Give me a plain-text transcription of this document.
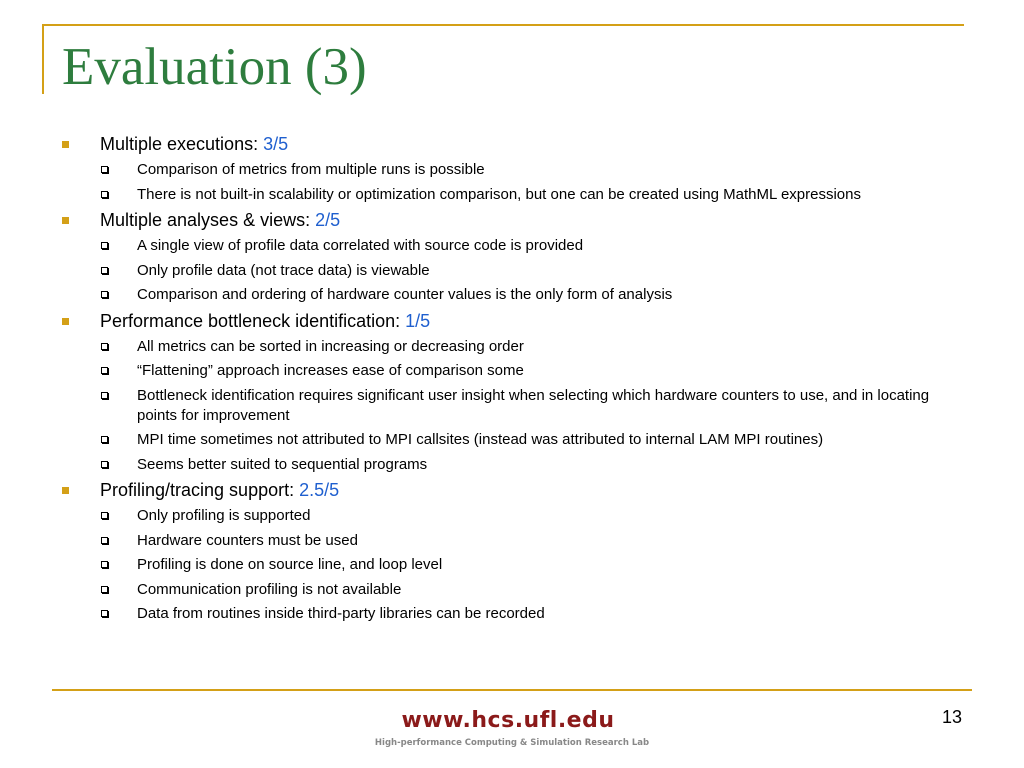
Evaluation (3)
Multiple executions: 3/5
Comparison of metrics from multiple runs is possible
There is not built-in scalability or optimization comparison, but one can be created using MathML expressions
Multiple analyses & views: 2/5
A single view of profile data correlated with source code is provided
Only profile data (not trace data) is viewable
Comparison and ordering of hardware counter values is the only form of analysis
Performance bottleneck identification: 1/5
All metrics can be sorted in increasing or decreasing order
“Flattening” approach increases ease of comparison some
Bottleneck identification requires significant user insight when selecting which hardware counters to use, and in locating points for improvement
MPI time sometimes not attributed to MPI callsites (instead was attributed to internal LAM MPI routines)
Seems better suited to sequential programs
Profiling/tracing support: 2.5/5
Only profiling is supported
Hardware counters must be used
Profiling is done on source line, and loop level
Communication profiling is not available
Data from routines inside third-party libraries can be recorded
www.hcs.ufl.edu
High-performance Computing & Simulation Research Lab
13
